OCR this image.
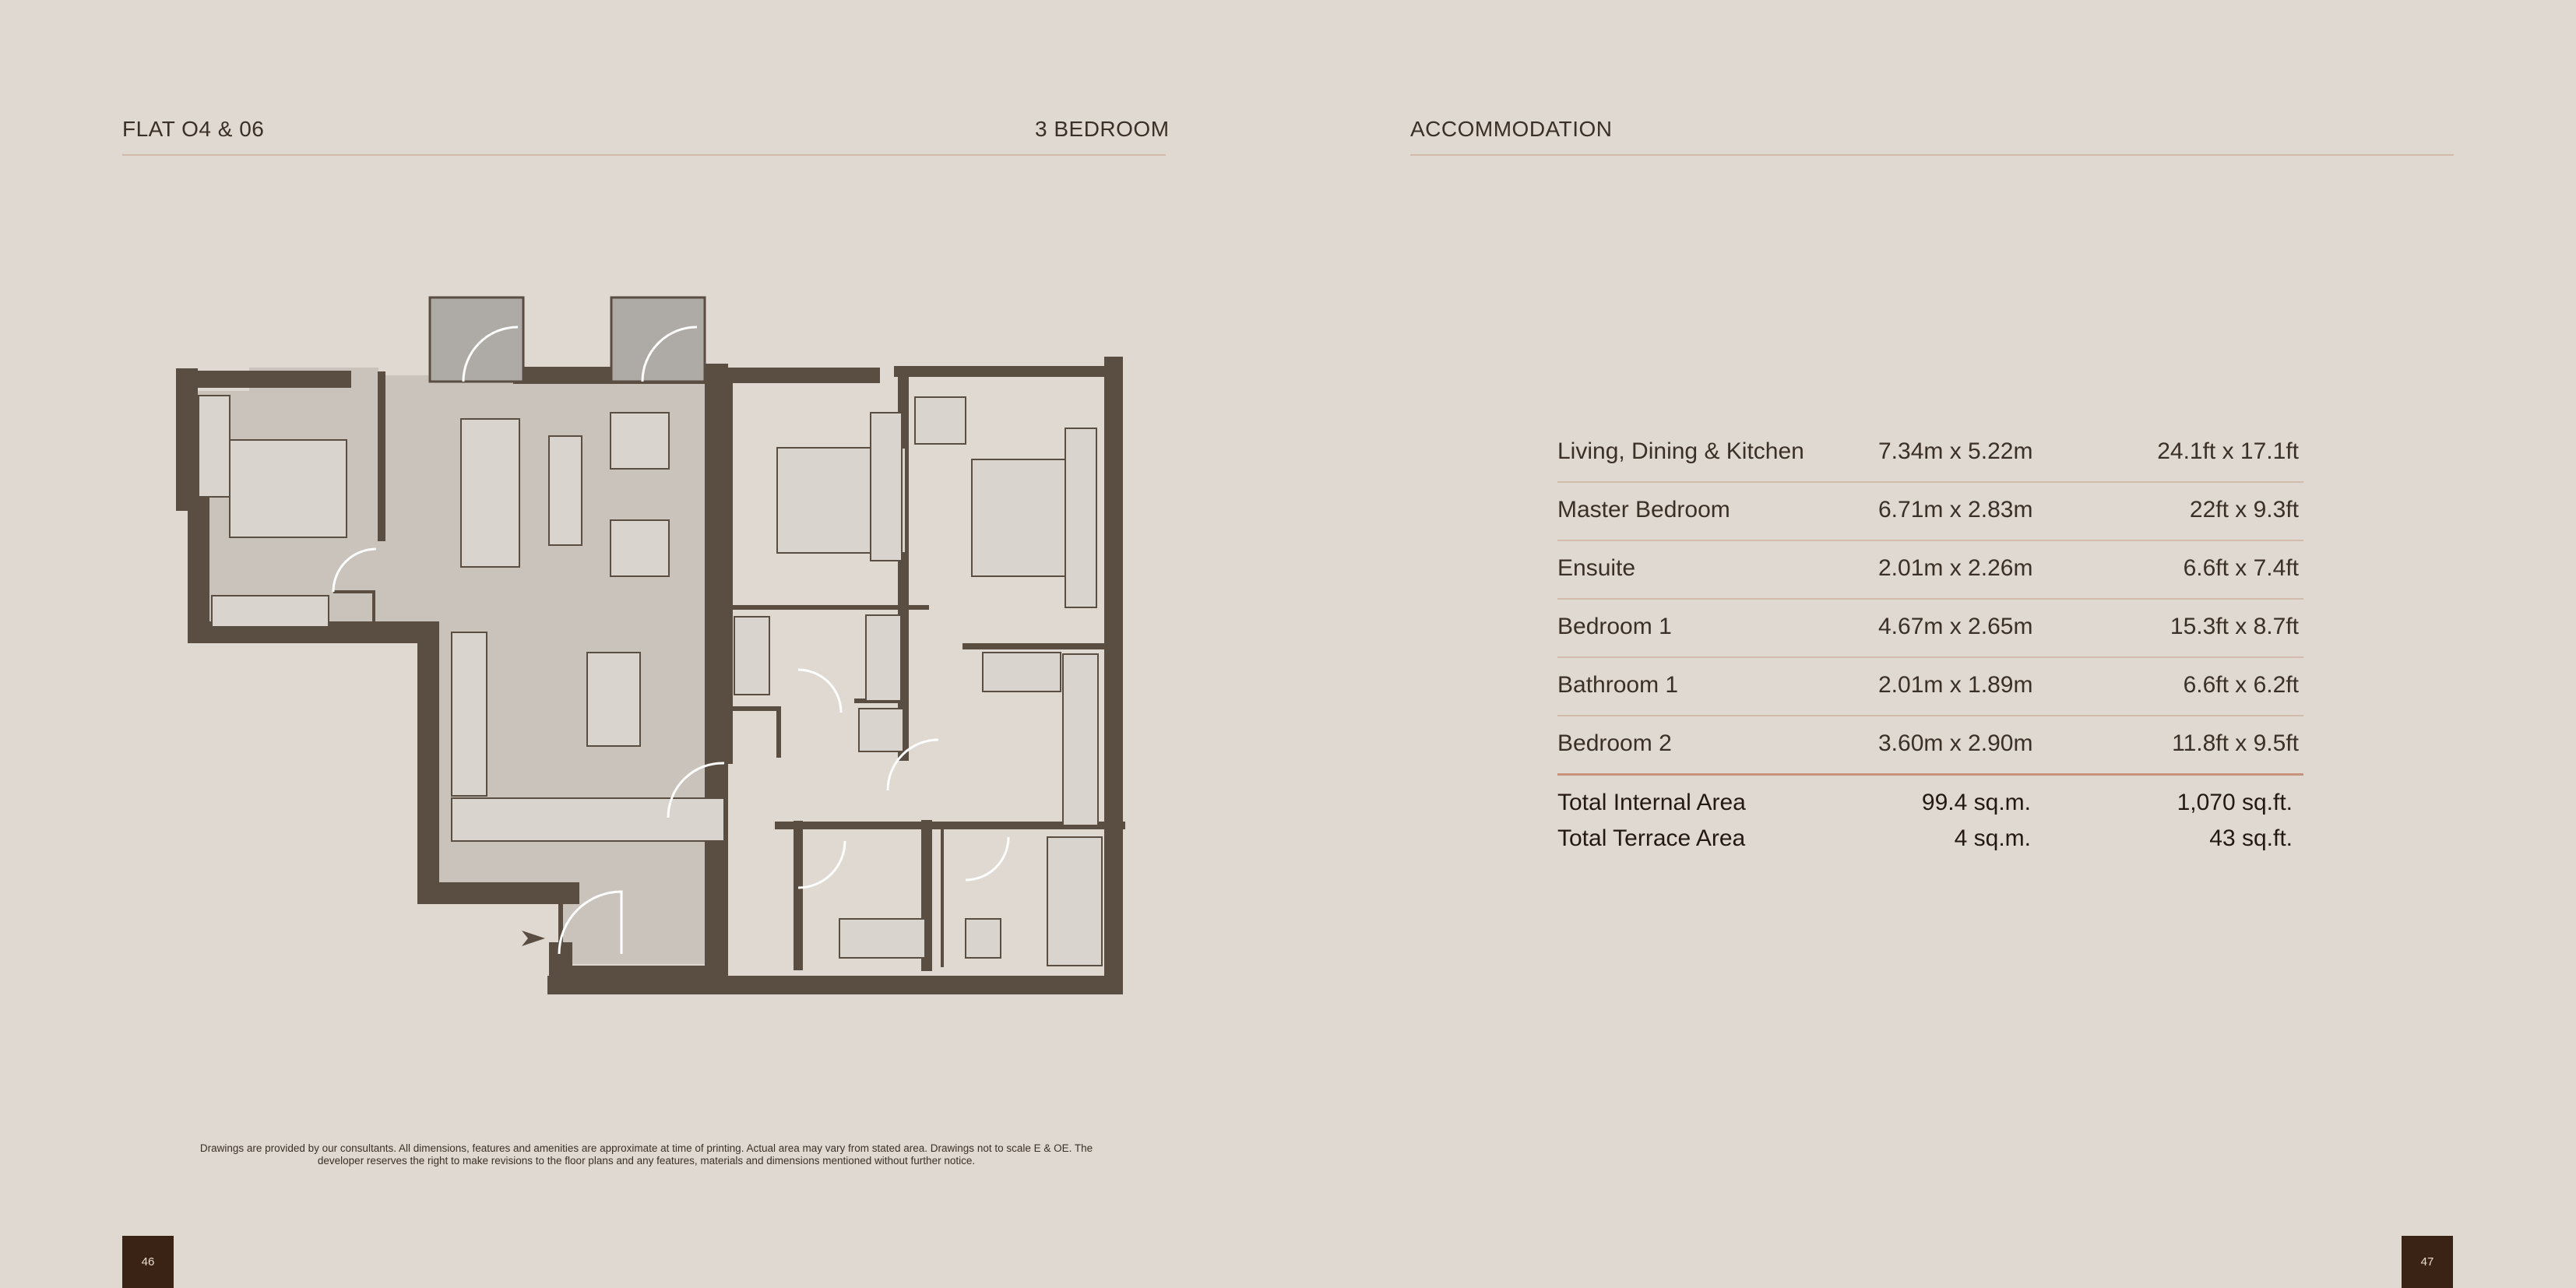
FLAT O4 & 06	3 BEDROOM	ACCOMMODATION
Drawings are provided by our consultants. All dimensions, features and amenities are approximate at time of printing. Actual area may vary from stated area. Drawings not to scale E & OE. The
developer reserves the right to make revisions to the floor plans and any features, materials and dimensions mentioned without further notice.
Living, Dining & Kitchen	7.34m x 5.22m	24.1ft x 17.1ft
Master Bedroom	6.71m x 2.83m	22ft x 9.3ft
Ensuite	2.01m x 2.26m	6.6ft x 7.4ft
Bedroom 1	4.67m x 2.65m	15.3ft x 8.7ft
Bathroom 1	2.01m x 1.89m	6.6ft x 6.2ft
Bedroom 2	3.60m x 2.90m	11.8ft x 9.5ft
Total Internal Area	99.4 sq.m.	1,070 sq.ft.
Total Terrace Area	4 sq.m.	43 sq.ft.
46	47
